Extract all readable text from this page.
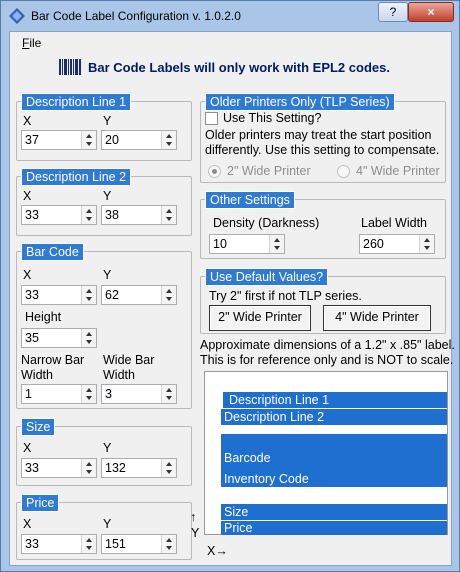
Bar Code Label Configuration v. 1.0.2.0	?	×
File
Bar Code Labels will only work with EPL2 codes.
Description Line 1
X	Y
37	20
Description Line 2
X	Y
33	38
Bar Code
X	Y
33	62
Height
35
Narrow Bar
Width
Wide Bar
Width
1	3
Size
X	Y
33	132
Price
X	Y
33	151
Older Printers Only (TLP Series)
Use This Setting?
Older printers may treat the start position
differently. Use this setting to compensate.
2" Wide Printer	4" Wide Printer
Other Settings
Density (Darkness)	Label Width
10	260
Use Default Values?
Try 2" first if not TLP series.
2" Wide Printer	4" Wide Printer
Approximate dimensions of a 1.2" x .85" label.
This is for reference only and is NOT to scale.
Description Line 1
Description Line 2
Barcode
Inventory Code
Size
Price
↑
Y
X→
